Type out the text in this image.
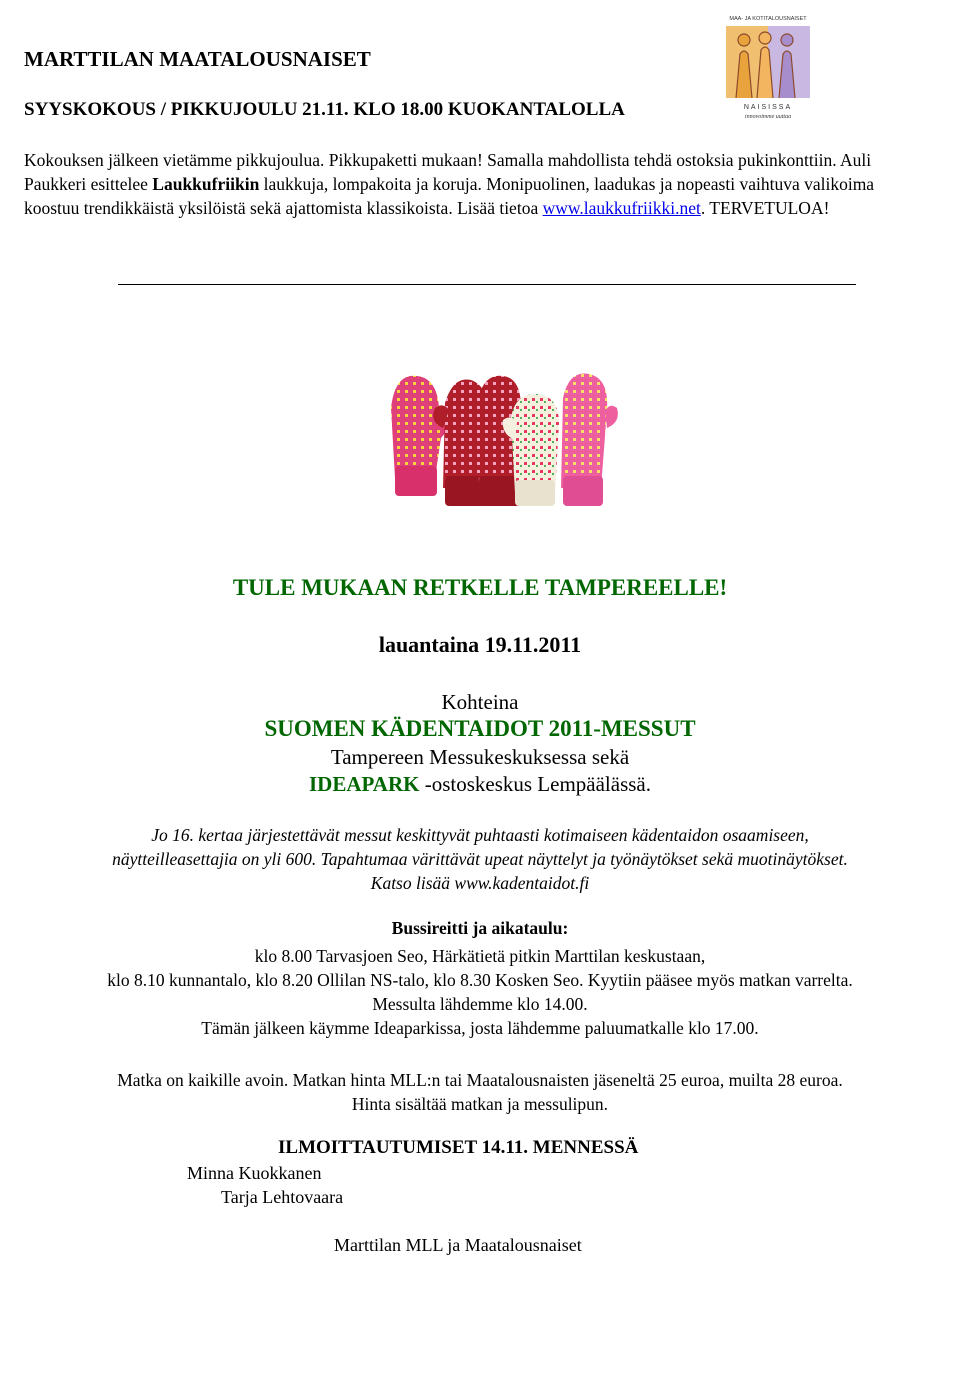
MARTTILAN MAATALOUSNAISET
SYYSKOKOUS / PIKKUJOULU 21.11. KLO 18.00 KUOKANTALOLLA
MAA- JA KOTITALOUSNAISET
NAISISSA
innovoimme uuttaa
Kokouksen jälkeen vietämme pikkujoulua. Pikkupaketti mukaan! Samalla mahdollista tehdä ostoksia pukinkonttiin. Auli Paukkeri esittelee Laukkufriikin laukkuja, lompakoita ja koruja. Monipuolinen, laadukas ja nopeasti vaihtuva valikoima koostuu trendikkäistä yksilöistä sekä ajattomista klassikoista. Lisää tietoa www.laukkufriikki.net. TERVETULOA!
TULE MUKAAN RETKELLE TAMPEREELLE!
lauantaina 19.11.2011
Kohteina
SUOMEN KÄDENTAIDOT 2011-MESSUT
Tampereen Messukeskuksessa sekä
IDEAPARK -ostoskeskus Lempäälässä.
Jo 16. kertaa järjestettävät messut keskittyvät puhtaasti kotimaiseen kädentaidon osaamiseen,
näytteilleasettajia on yli 600. Tapahtumaa värittävät upeat näyttelyt ja työnäytökset sekä muotinäytökset.
Katso lisää www.kadentaidot.fi
Bussireitti ja aikataulu:
klo 8.00 Tarvasjoen Seo, Härkätietä pitkin Marttilan keskustaan,
klo 8.10 kunnantalo, klo 8.20 Ollilan NS-talo, klo 8.30 Kosken Seo. Kyytiin pääsee myös matkan varrelta.
Messulta lähdemme klo 14.00.
Tämän jälkeen käymme Ideaparkissa, josta lähdemme paluumatkalle klo 17.00.
Matka on kaikille avoin. Matkan hinta MLL:n tai Maatalousnaisten jäseneltä 25 euroa, muilta 28 euroa.
Hinta sisältää matkan ja messulipun.
ILMOITTAUTUMISET 14.11. MENNESSÄ
Minna Kuokkanen
Tarja Lehtovaara
Marttilan MLL ja Maatalousnaiset
